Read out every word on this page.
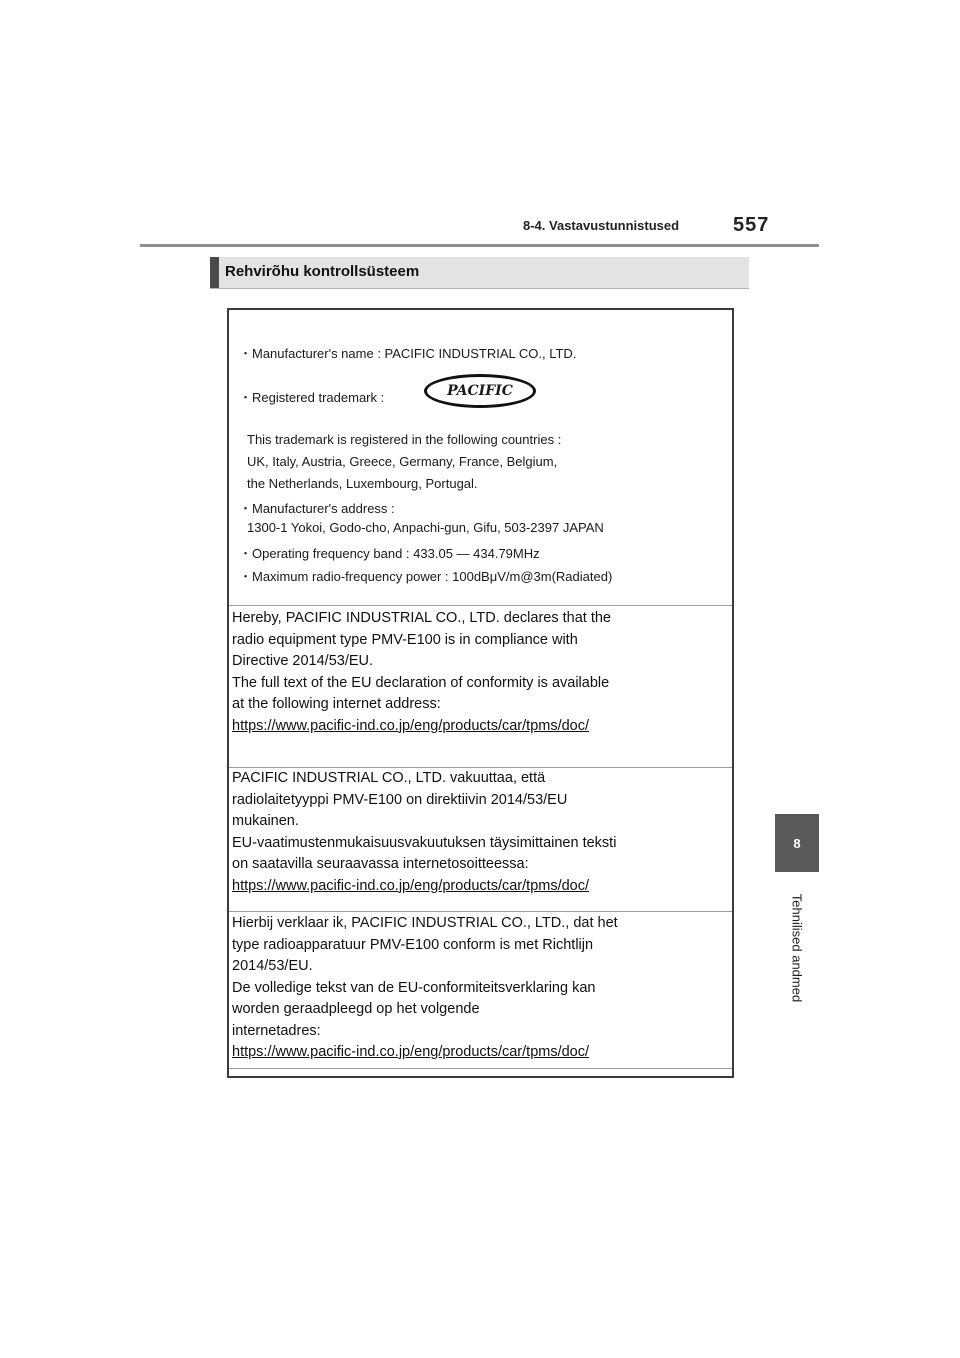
8-4. Vastavustunnistused	557
8
Tehnilised andmed
Rehvirõhu kontrollsüsteem
・Manufacturer's name : PACIFIC INDUSTRIAL CO., LTD.
・Registered trademark :	PACIFIC
This trademark is registered in the following countries :
UK, Italy, Austria, Greece, Germany, France, Belgium,
the Netherlands, Luxembourg, Portugal.
・Manufacturer's address :
1300-1 Yokoi, Godo-cho, Anpachi-gun, Gifu, 503-2397 JAPAN
・Operating frequency band : 433.05 ― 434.79MHz
・Maximum radio-frequency power : 100dBμV/m@3m(Radiated)
Hereby, PACIFIC INDUSTRIAL CO., LTD. declares that the
radio equipment type PMV-E100 is in compliance with
Directive 2014/53/EU.
The full text of the EU declaration of conformity is available
at the following internet address:
https://www.pacific-ind.co.jp/eng/products/car/tpms/doc/
PACIFIC INDUSTRIAL CO., LTD. vakuuttaa, että
radiolaitetyyppi PMV-E100 on direktiivin 2014/53/EU
mukainen.
EU-vaatimustenmukaisuusvakuutuksen täysimittainen teksti
on saatavilla seuraavassa internetosoitteessa:
https://www.pacific-ind.co.jp/eng/products/car/tpms/doc/
Hierbij verklaar ik, PACIFIC INDUSTRIAL CO., LTD., dat het
type radioapparatuur PMV-E100 conform is met Richtlijn
2014/53/EU.
De volledige tekst van de EU-conformiteitsverklaring kan
worden geraadpleegd op het volgende
internetadres:
https://www.pacific-ind.co.jp/eng/products/car/tpms/doc/
